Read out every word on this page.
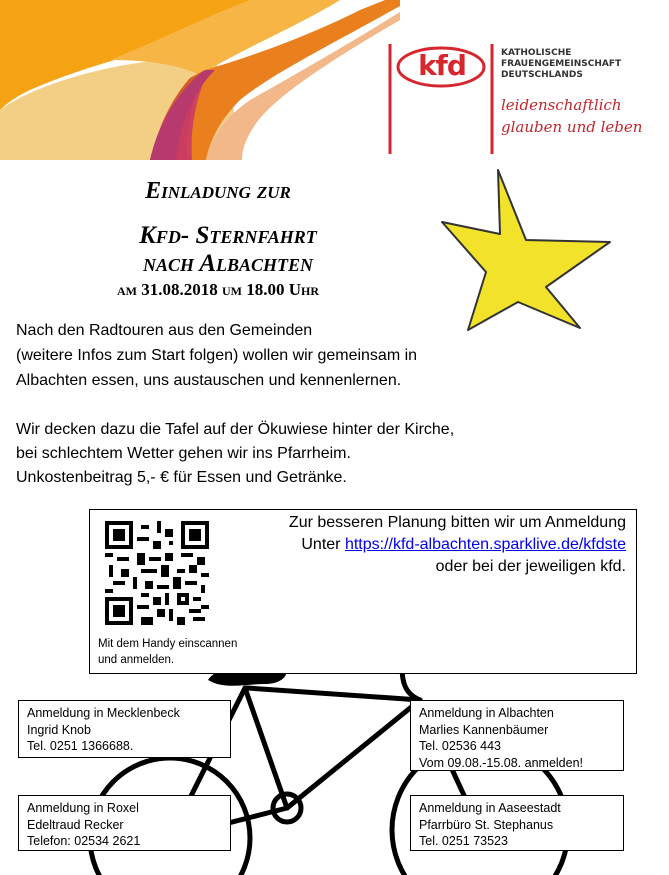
kfd	KATHOLISCHE
FRAUENGEMEINSCHAFT
DEUTSCHLANDS
leidenschaftlich
glauben und leben
Einladung zur
Kfd- Sternfahrt
nach Albachten
am 31.08.2018 um 18.00 Uhr
Nach den Radtouren aus den Gemeinden
(weitere Infos zum Start folgen) wollen wir gemeinsam in
Albachten essen, uns austauschen und kennenlernen.
Wir decken dazu die Tafel auf der Ökuwiese hinter der Kirche,
bei schlechtem Wetter gehen wir ins Pfarrheim.
Unkostenbeitrag 5,- € für Essen und Getränke.
Mit dem Handy einscannen
und anmelden.
Zur besseren Planung bitten wir um Anmeldung
Unter https://kfd-albachten.sparklive.de/kfdste
oder bei der jeweiligen kfd.
Anmeldung in Mecklenbeck
Ingrid Knob
Tel. 0251 1366688.
Anmeldung in Albachten
Marlies Kannenbäumer
Tel. 02536 443
Vom 09.08.-15.08. anmelden!
Anmeldung in Roxel
Edeltraud Recker
Telefon: 02534 2621
Anmeldung in Aaseestadt
Pfarrbüro St. Stephanus
Tel. 0251 73523
